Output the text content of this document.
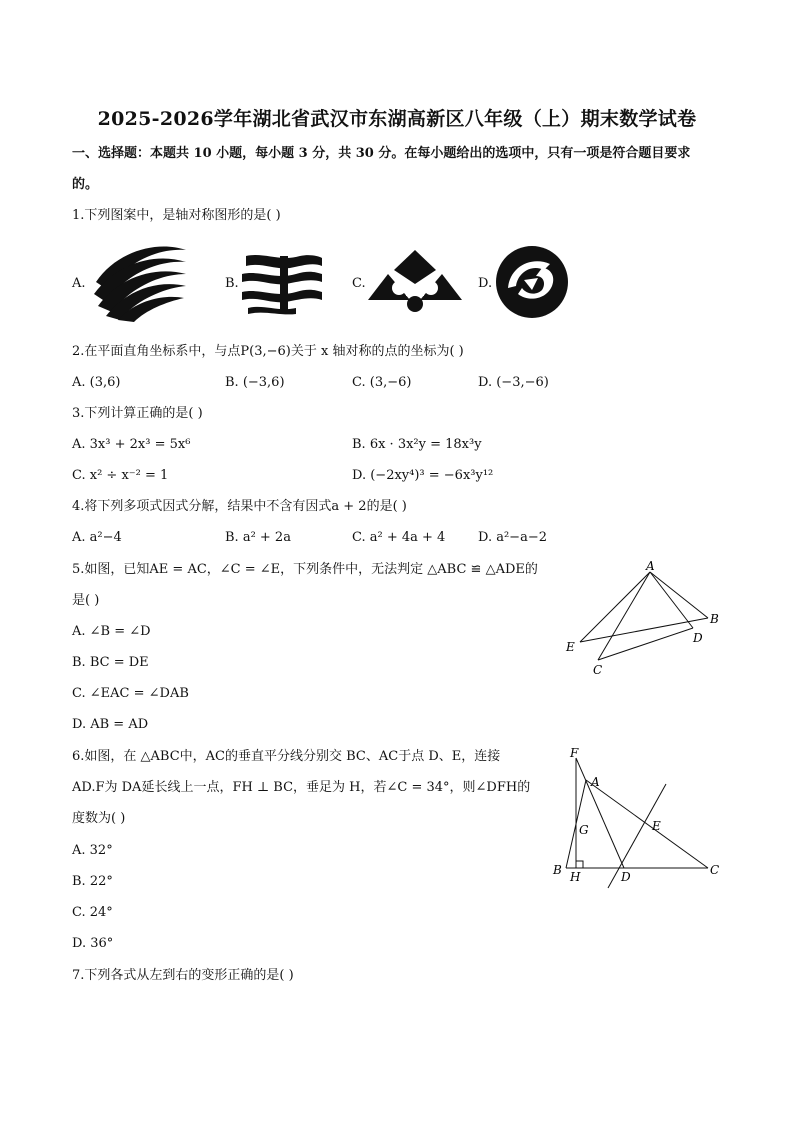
2025-2026学年湖北省武汉市东湖高新区八年级（上）期末数学试卷
一、选择题：本题共 10 小题，每小题 3 分，共 30 分。在每小题给出的选项中，只有一项是符合题目要求
的。
1.下列图案中，是轴对称图形的是( )
A.	B.	C.	D.
2.在平面直角坐标系中，与点P(3,−6)关于 x 轴对称的点的坐标为( )
A. (3,6)	B. (−3,6)	C. (3,−6)	D. (−3,−6)
3.下列计算正确的是( )
A. 3x³ + 2x³ = 5x⁶	B. 6x · 3x²y = 18x³y
C. x² ÷ x⁻² = 1	D. (−2xy⁴)³ = −6x³y¹²
4.将下列多项式因式分解，结果中不含有因式a + 2的是( )
A. a²−4	B. a² + 2a	C. a² + 4a + 4	D. a²−a−2
5.如图，已知AE = AC，∠C = ∠E，下列条件中，无法判定 △ABC ≌ △ADE的
是( )
A. ∠B = ∠D
B. BC = DE
C. ∠EAC = ∠DAB
D. AB = AD
A
B
D
E
C
6.如图，在 △ABC中，AC的垂直平分线分别交 BC、AC于点 D、E，连接
AD.F为 DA延长线上一点，FH ⊥ BC，垂足为 H，若∠C = 34°，则∠DFH的
度数为( )
A. 32°
B. 22°
C. 24°
D. 36°
F
A
G	E
B H	D	C
7.下列各式从左到右的变形正确的是( )
